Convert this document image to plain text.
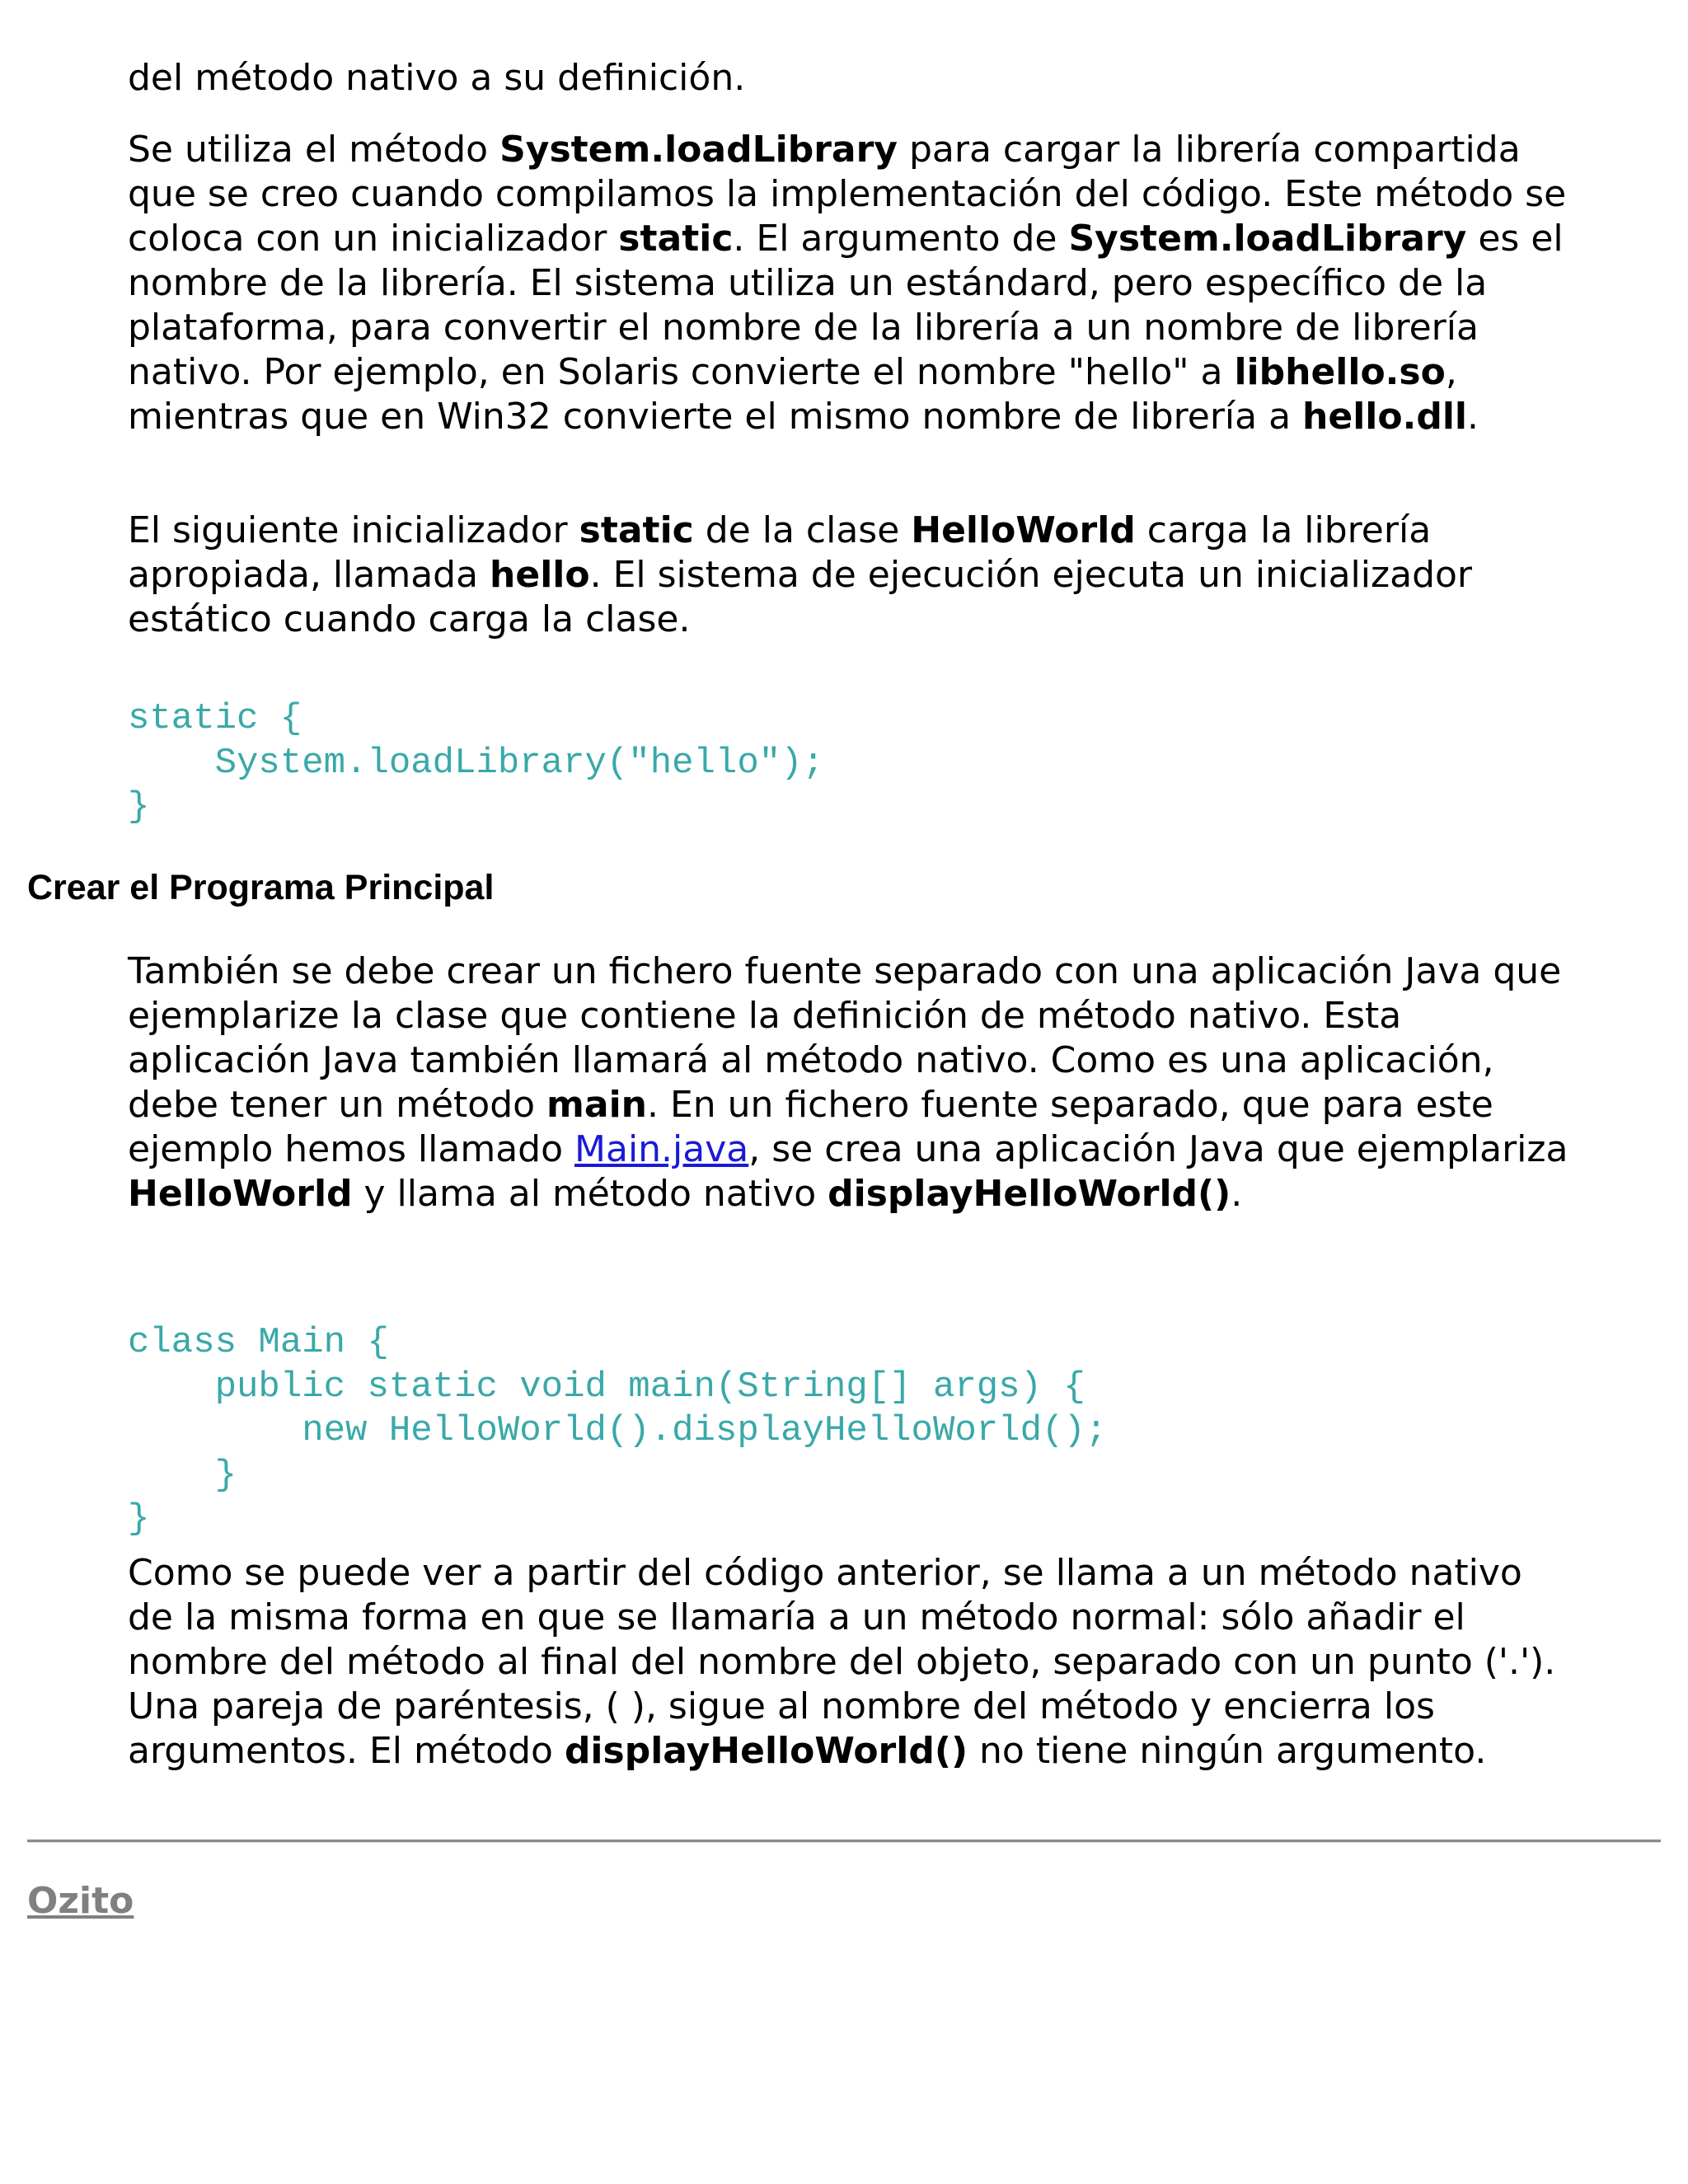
del método nativo a su definición.

Se utiliza el método System.loadLibrary para cargar la librería compartida que se creo cuando compilamos la implementación del código. Este método se coloca con un inicializador static. El argumento de System.loadLibrary es el nombre de la librería. El sistema utiliza un estándard, pero específico de la plataforma, para convertir el nombre de la librería a un nombre de librería nativo. Por ejemplo, en Solaris convierte el nombre "hello" a libhello.so, mientras que en Win32 convierte el mismo nombre de librería a hello.dll.

El siguiente inicializador static de la clase HelloWorld carga la librería apropiada, llamada hello. El sistema de ejecución ejecuta un inicializador estático cuando carga la clase.

static {
System.loadLibrary("hello");
}
Crear el Programa Principal

También se debe crear un fichero fuente separado con una aplicación Java que ejemplarize la clase que contiene la definición de método nativo. Esta aplicación Java también llamará al método nativo. Como es una aplicación, debe tener un método main. En un fichero fuente separado, que para este ejemplo hemos llamado Main.java, se crea una aplicación Java que ejemplariza HelloWorld y llama al método nativo displayHelloWorld().

class Main {
public static void main(String[] args) {
new HelloWorld().displayHelloWorld();
}
}

Como se puede ver a partir del código anterior, se llama a un método nativo de la misma forma en que se llamaría a un método normal: sólo añadir el nombre del método al final del nombre del objeto, separado con un punto ('.'). Una pareja de paréntesis, ( ), sigue al nombre del método y encierra los argumentos. El método displayHelloWorld() no tiene ningún argumento.

Ozito
